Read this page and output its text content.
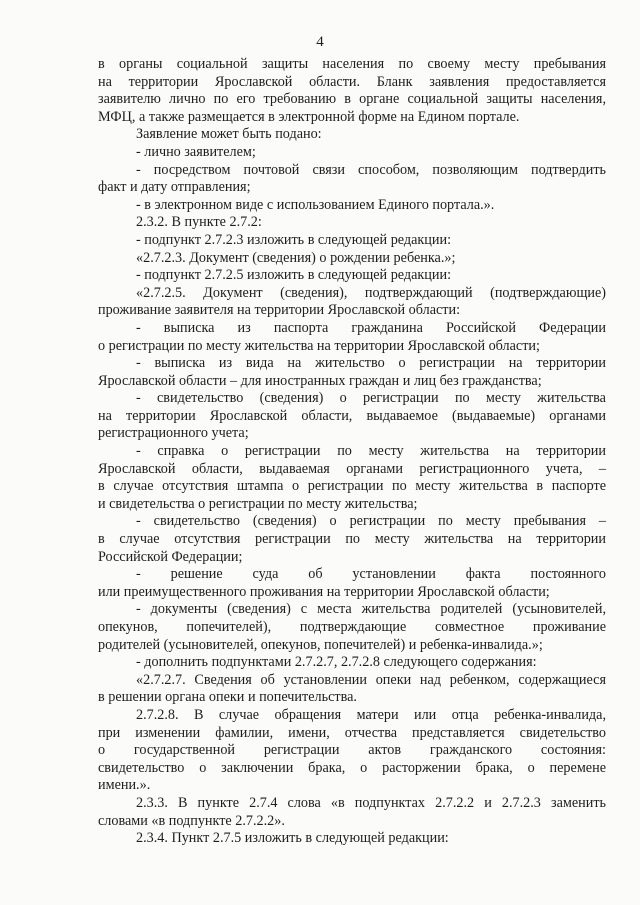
4

в органы социальной защиты населения по своему месту пребывания

на территории Ярославской области. Бланк заявления предоставляется

заявителю лично по его требованию в органе социальной защиты населения,

МФЦ, а также размещается в электронной форме на Едином портале.

Заявление может быть подано:

- лично заявителем;

- посредством почтовой связи способом, позволяющим подтвердить

факт и дату отправления;

- в электронном виде с использованием Единого портала.».

2.3.2. В пункте 2.7.2:

- подпункт 2.7.2.3 изложить в следующей редакции:

«2.7.2.3. Документ (сведения) о рождении ребенка.»;

- подпункт 2.7.2.5 изложить в следующей редакции:

«2.7.2.5. Документ (сведения), подтверждающий (подтверждающие)

проживание заявителя на территории Ярославской области:

- выписка из паспорта гражданина Российской Федерации

о регистрации по месту жительства на территории Ярославской области;

- выписка из вида на жительство о регистрации на территории

Ярославской области – для иностранных граждан и лиц без гражданства;

- свидетельство (сведения) о регистрации по месту жительства

на территории Ярославской области, выдаваемое (выдаваемые) органами

регистрационного учета;

- справка о регистрации по месту жительства на территории

Ярославской области, выдаваемая органами регистрационного учета, –

в случае отсутствия штампа о регистрации по месту жительства в паспорте

и свидетельства о регистрации по месту жительства;

- свидетельство (сведения) о регистрации по месту пребывания –

в случае отсутствия регистрации по месту жительства на территории

Российской Федерации;

- решение суда об установлении факта постоянного

или преимущественного проживания на территории Ярославской области;

- документы (сведения) с места жительства родителей (усыновителей,

опекунов, попечителей), подтверждающие совместное проживание

родителей (усыновителей, опекунов, попечителей) и ребенка-инвалида.»;

- дополнить подпунктами 2.7.2.7, 2.7.2.8 следующего содержания:

«2.7.2.7. Сведения об установлении опеки над ребенком, содержащиеся

в решении органа опеки и попечительства.

2.7.2.8. В случае обращения матери или отца ребенка-инвалида,

при изменении фамилии, имени, отчества представляется свидетельство

о государственной регистрации актов гражданского состояния:

свидетельство о заключении брака, о расторжении брака, о перемене

имени.».

2.3.3. В пункте 2.7.4 слова «в подпунктах 2.7.2.2 и 2.7.2.3 заменить

словами «в подпункте 2.7.2.2».

2.3.4. Пункт 2.7.5 изложить в следующей редакции:
